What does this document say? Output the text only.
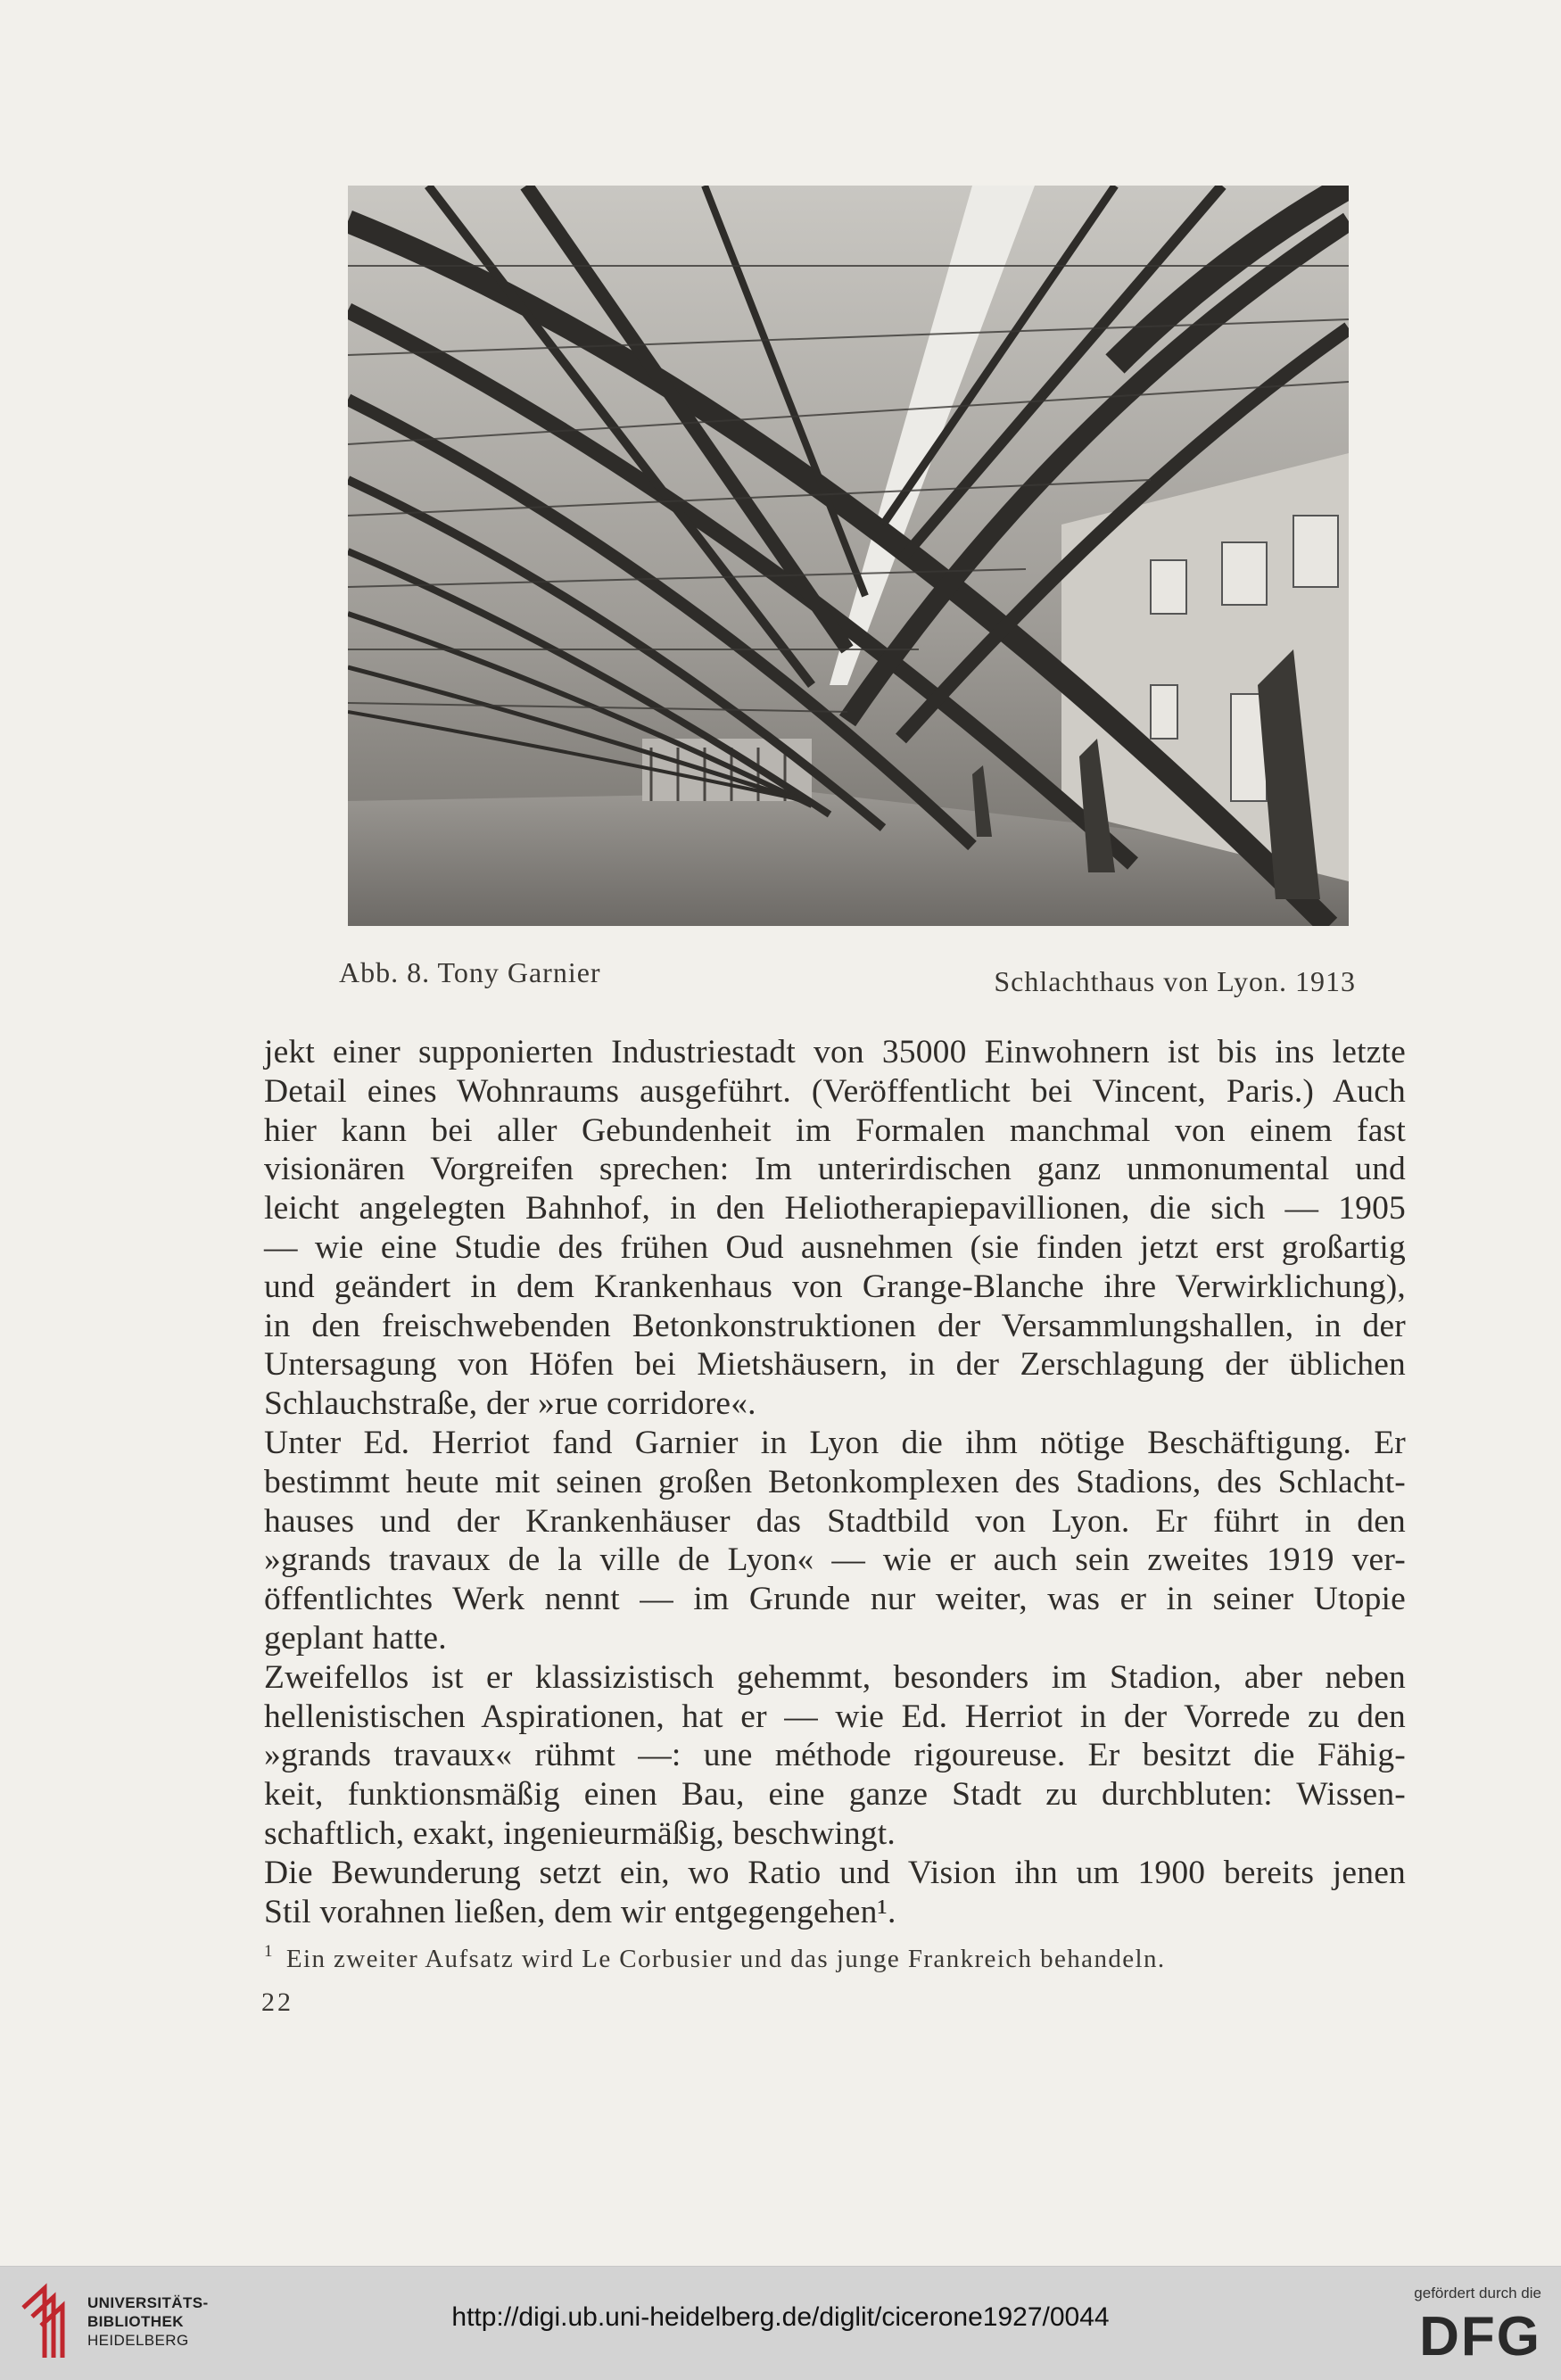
Abb. 8. Tony Garnier	Schlachthaus von Lyon. 1913
jekt einer supponierten Industriestadt von 35000 Einwohnern ist bis ins letzte
Detail eines Wohnraums ausgeführt. (Veröffentlicht bei Vincent, Paris.) Auch
hier kann bei aller Gebundenheit im Formalen manchmal von einem fast
visionären Vorgreifen sprechen: Im unterirdischen ganz unmonumental und
leicht angelegten Bahnhof, in den Heliotherapiepavillionen, die sich — 1905
— wie eine Studie des frühen Oud ausnehmen (sie finden jetzt erst großartig
und geändert in dem Krankenhaus von Grange-Blanche ihre Verwirklichung),
in den freischwebenden Betonkonstruktionen der Versammlungshallen, in der
Untersagung von Höfen bei Mietshäusern, in der Zerschlagung der üblichen
Schlauchstraße, der »rue corridore«.
Unter Ed. Herriot fand Garnier in Lyon die ihm nötige Beschäftigung. Er
bestimmt heute mit seinen großen Betonkomplexen des Stadions, des Schlacht-
hauses und der Krankenhäuser das Stadtbild von Lyon. Er führt in den
»grands travaux de la ville de Lyon« — wie er auch sein zweites 1919 ver-
öffentlichtes Werk nennt — im Grunde nur weiter, was er in seiner Utopie
geplant hatte.
Zweifellos ist er klassizistisch gehemmt, besonders im Stadion, aber neben
hellenistischen Aspirationen, hat er — wie Ed. Herriot in der Vorrede zu den
»grands travaux« rühmt —: une méthode rigoureuse. Er besitzt die Fähig-
keit, funktionsmäßig einen Bau, eine ganze Stadt zu durchbluten: Wissen-
schaftlich, exakt, ingenieurmäßig, beschwingt.
Die Bewunderung setzt ein, wo Ratio und Vision ihn um 1900 bereits jenen
Stil vorahnen ließen, dem wir entgegengehen¹.
$^1$ Ein zweiter Aufsatz wird Le Corbusier und das junge Frankreich behandeln.
22
UNIVERSITÄTS-
BIBLIOTHEK
HEIDELBERG
http://digi.ub.uni-heidelberg.de/diglit/cicerone1927/0044
gefördert durch die
DFG
